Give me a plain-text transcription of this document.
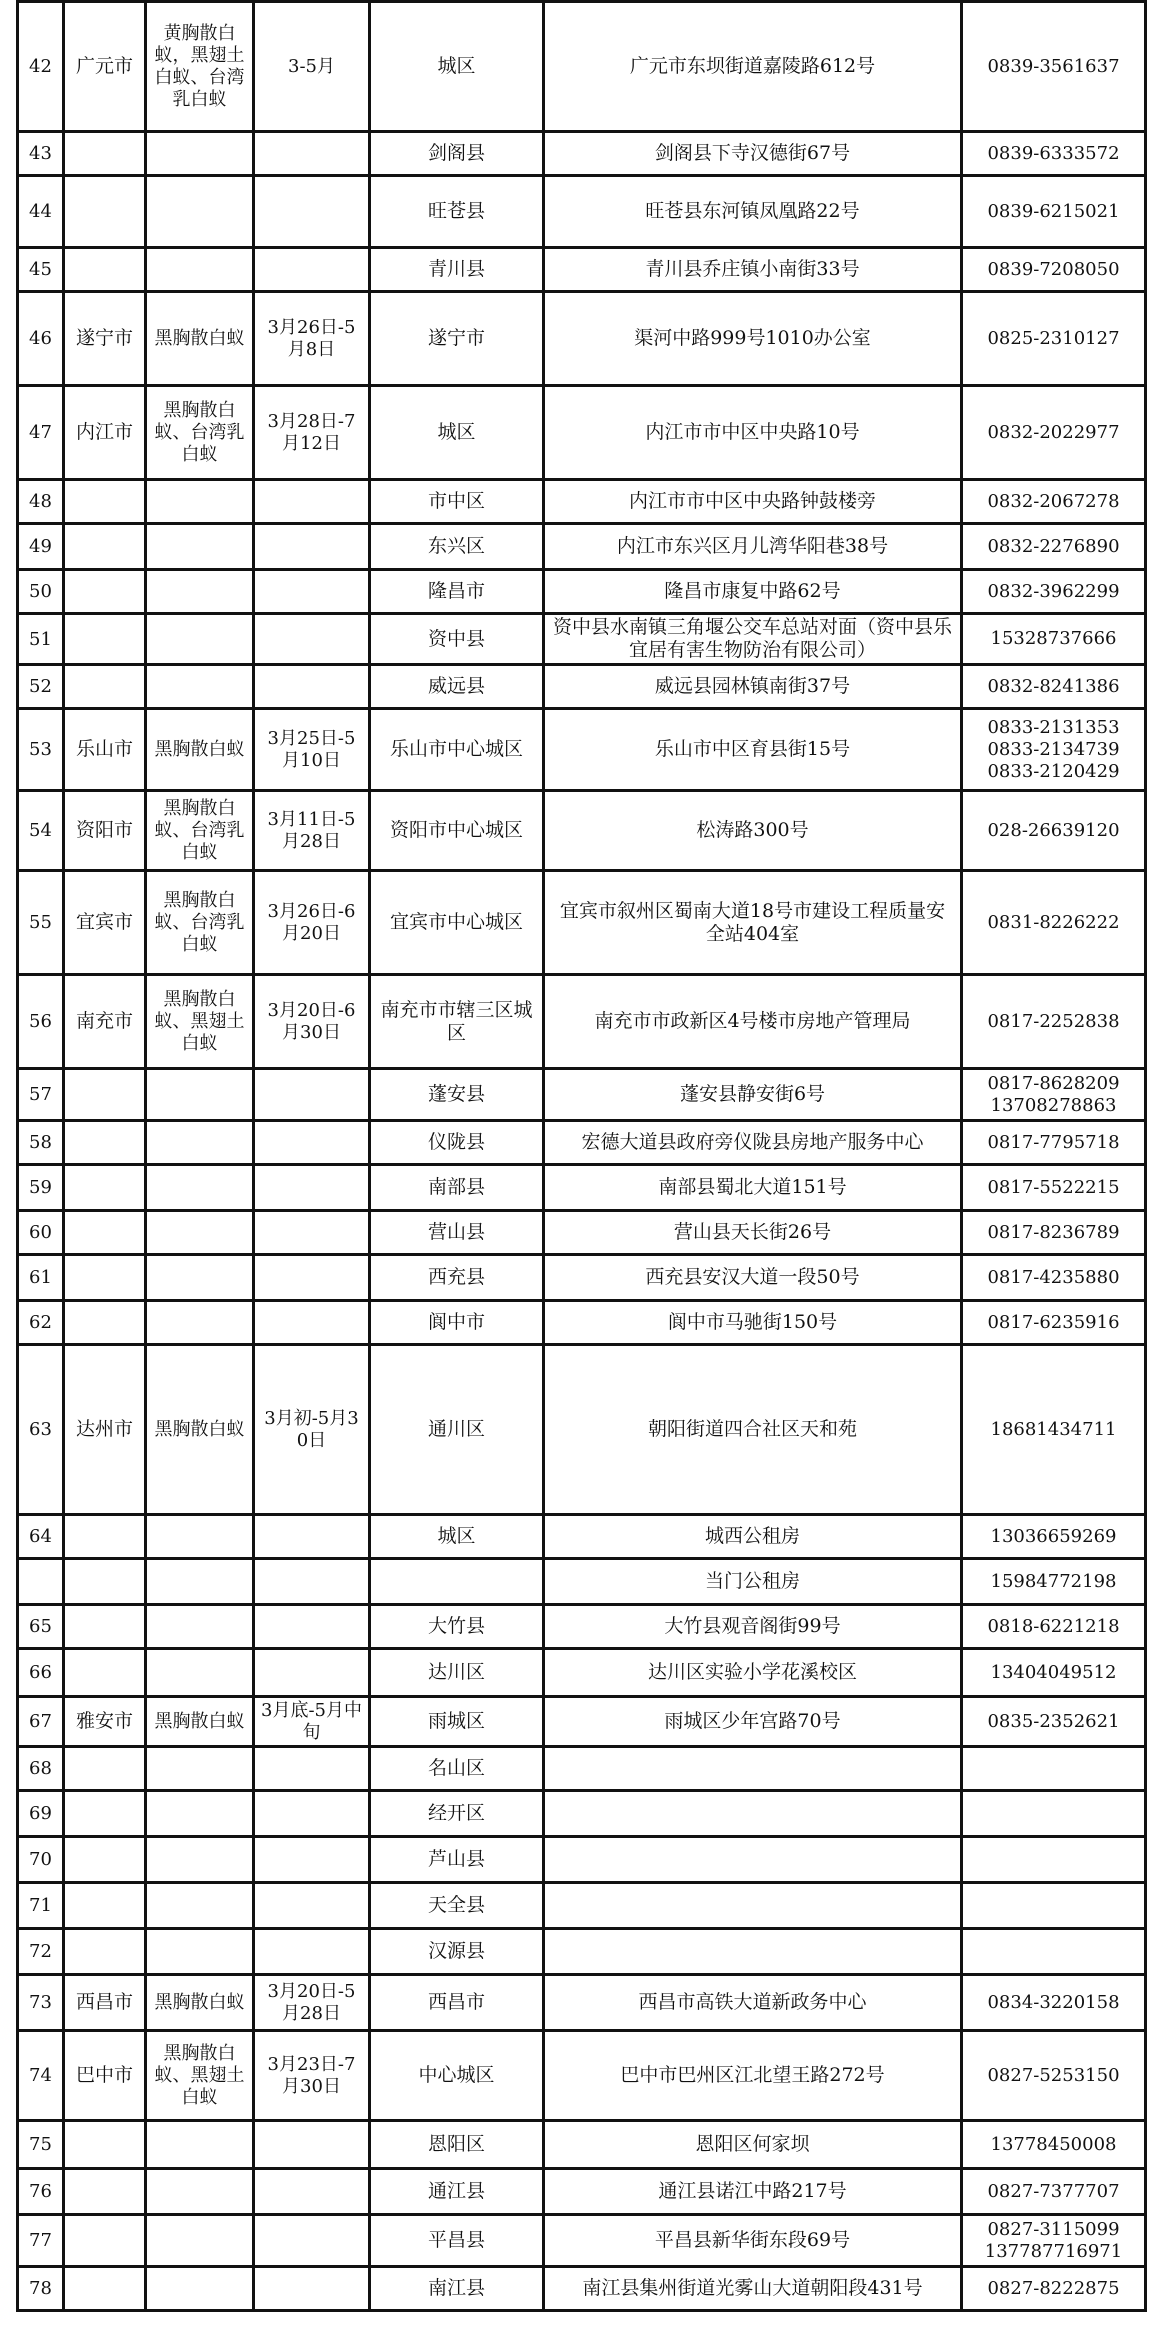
42	广元市	黄胸散白蚁，黑翅土白蚁、台湾乳白蚁	3-5月	城区	广元市东坝街道嘉陵路612号	0839-3561637

43				剑阁县	剑阁县下寺汉德街67号	0839-6333572

44				旺苍县	旺苍县东河镇凤凰路22号	0839-6215021

45				青川县	青川县乔庄镇小南街33号	0839-7208050

46	遂宁市	黑胸散白蚁	3月26日-5月8日	遂宁市	渠河中路999号1010办公室	0825-2310127

47	内江市	黑胸散白蚁、台湾乳白蚁	3月28日-7月12日	城区	内江市市中区中央路10号	0832-2022977

48				市中区	内江市市中区中央路钟鼓楼旁	0832-2067278

49				东兴区	内江市东兴区月儿湾华阳巷38号	0832-2276890

50				隆昌市	隆昌市康复中路62号	0832-3962299

51				资中县	资中县水南镇三角堰公交车总站对面（资中县乐宜居有害生物防治有限公司）	15328737666

52				威远县	威远县园林镇南街37号	0832-8241386

53	乐山市	黑胸散白蚁	3月25日-5月10日	乐山市中心城区	乐山市中区育县街15号	0833-2131353
0833-2134739
0833-2120429

54	资阳市	黑胸散白蚁、台湾乳白蚁	3月11日-5月28日	资阳市中心城区	松涛路300号	028-26639120

55	宜宾市	黑胸散白蚁、台湾乳白蚁	3月26日-6月20日	宜宾市中心城区	宜宾市叙州区蜀南大道18号市建设工程质量安全站404室	0831-8226222

56	南充市	黑胸散白蚁、黑翅土白蚁	3月20日-6月30日	南充市市辖三区城区	南充市市政新区4号楼市房地产管理局	0817-2252838

57				蓬安县	蓬安县静安街6号	0817-8628209
13708278863

58				仪陇县	宏德大道县政府旁仪陇县房地产服务中心	0817-7795718

59				南部县	南部县蜀北大道151号	0817-5522215

60				营山县	营山县天长街26号	0817-8236789

61				西充县	西充县安汉大道一段50号	0817-4235880

62				阆中市	阆中市马驰街150号	0817-6235916

63	达州市	黑胸散白蚁	3月初-5月30日	通川区	朝阳街道四合社区天和苑	18681434711

64				城区	城西公租房	13036659269

					当门公租房	15984772198

65				大竹县	大竹县观音阁街99号	0818-6221218

66				达川区	达川区实验小学花溪校区	13404049512

67	雅安市	黑胸散白蚁	3月底-5月中旬	雨城区	雨城区少年宫路70号	0835-2352621

68				名山区		
69				经开区		
70				芦山县		
71				天全县		
72				汉源县		
73	西昌市	黑胸散白蚁	3月20日-5月28日	西昌市	西昌市高铁大道新政务中心	0834-3220158

74	巴中市	黑胸散白蚁、黑翅土白蚁	3月23日-7月30日	中心城区	巴中市巴州区江北望王路272号	0827-5253150

75				恩阳区	恩阳区何家坝	13778450008

76				通江县	通江县诺江中路217号	0827-7377707

77				平昌县	平昌县新华街东段69号	0827-3115099
137787716971

78				南江县	南江县集州街道光雾山大道朝阳段431号	0827-8222875
